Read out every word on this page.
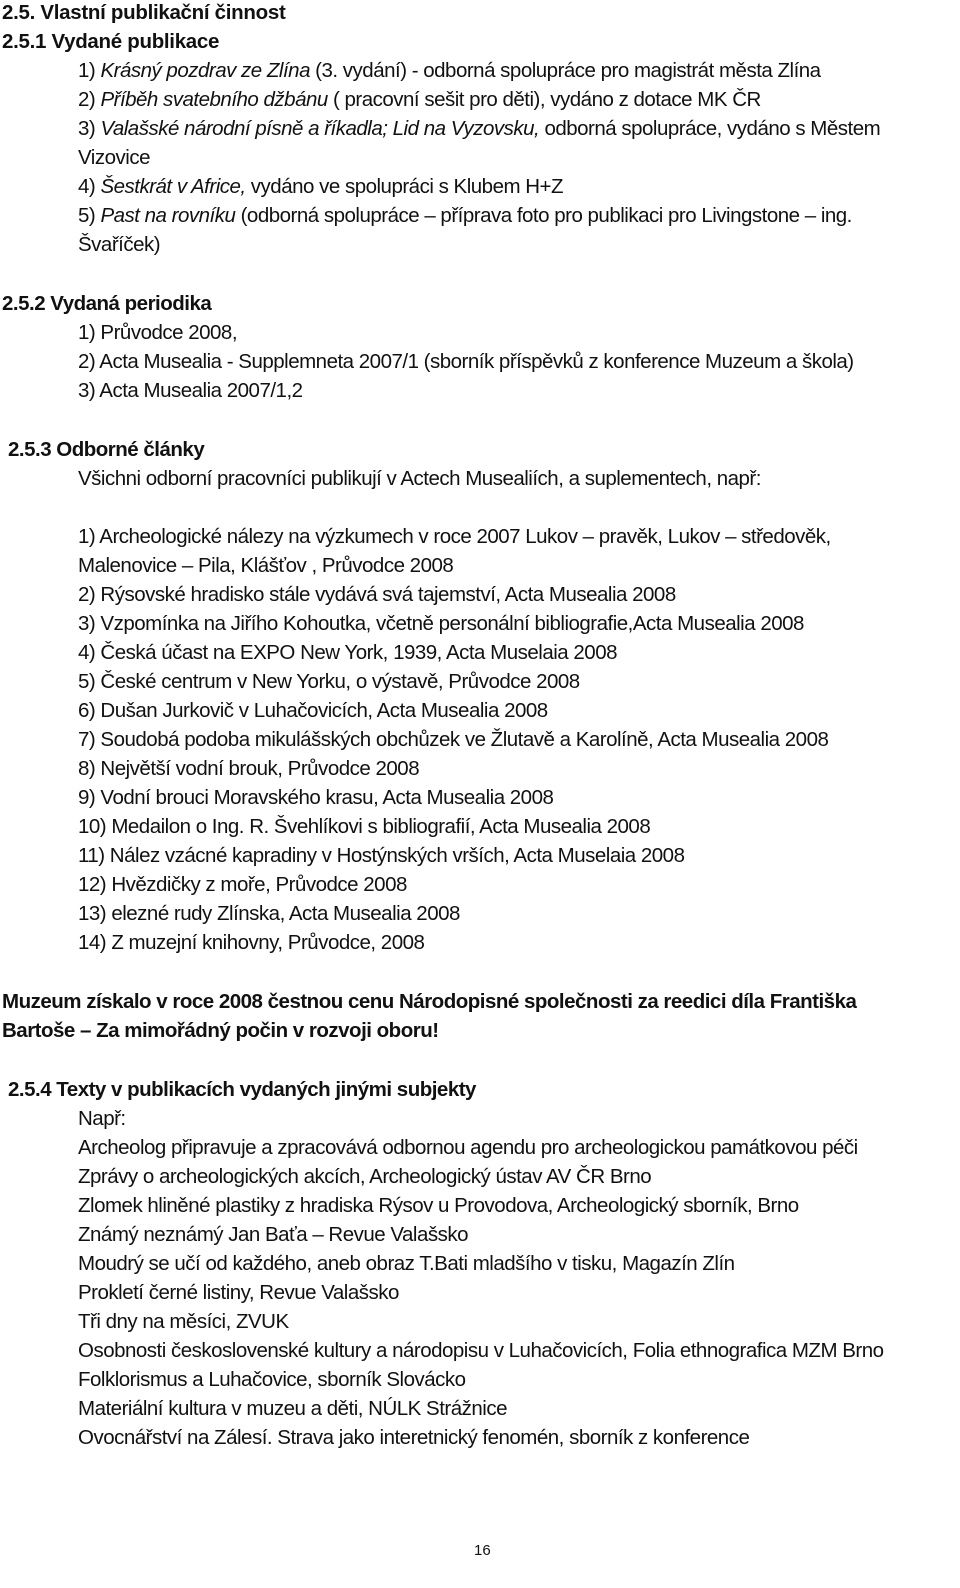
2.5. Vlastní publikační činnost
2.5.1 Vydané publikace
1) Krásný pozdrav ze Zlína (3. vydání) - odborná spolupráce pro magistrát města Zlína
2) Příběh svatebního džbánu ( pracovní sešit pro děti), vydáno z dotace MK ČR
3) Valašské národní písně a říkadla; Lid na Vyzovsku, odborná spolupráce, vydáno s Městem
Vizovice
4) Šestkrát v Africe, vydáno ve spolupráci s Klubem H+Z
5) Past na rovníku (odborná spolupráce – příprava foto pro publikaci pro Livingstone – ing.
Švaříček)
2.5.2 Vydaná periodika
1) Průvodce 2008,
2) Acta Musealia - Supplemneta 2007/1 (sborník příspěvků z konference Muzeum a škola)
3) Acta Musealia 2007/1,2
2.5.3 Odborné články
Všichni odborní pracovníci publikují v Actech Musealiích, a suplementech, např:
1) Archeologické nálezy na výzkumech v roce 2007 Lukov – pravěk, Lukov – středověk,
Malenovice – Pila, Klášťov , Průvodce 2008
2) Rýsovské hradisko stále vydává svá tajemství, Acta Musealia 2008
3) Vzpomínka na Jiřího Kohoutka, včetně personální bibliografie,Acta Musealia 2008
4) Česká účast na EXPO New York, 1939, Acta Muselaia 2008
5) České centrum v New Yorku, o výstavě, Průvodce 2008
6) Dušan Jurkovič v Luhačovicích, Acta Musealia 2008
7) Soudobá podoba mikulášských obchůzek ve Žlutavě a Karolíně, Acta Musealia 2008
8) Největší vodní brouk, Průvodce 2008
9) Vodní brouci Moravského krasu, Acta Musealia 2008
10) Medailon o Ing. R. Švehlíkovi s bibliografií, Acta Musealia 2008
11) Nález vzácné kapradiny v Hostýnských vrších, Acta Muselaia 2008
12) Hvězdičky z moře, Průvodce 2008
13) elezné rudy Zlínska, Acta Musealia 2008
14) Z muzejní knihovny, Průvodce, 2008
Muzeum získalo v roce 2008 čestnou cenu Národopisné společnosti za reedici díla Františka
Bartoše – Za mimořádný počin v rozvoji oboru!
2.5.4 Texty v publikacích vydaných jinými subjekty
Např:
Archeolog připravuje a zpracovává odbornou agendu pro archeologickou památkovou péči
Zprávy o archeologických akcích, Archeologický ústav AV ČR Brno
Zlomek hliněné plastiky z hradiska Rýsov u Provodova, Archeologický sborník, Brno
Známý neznámý Jan Baťa – Revue Valašsko
Moudrý se učí od každého, aneb obraz T.Bati mladšího v tisku, Magazín Zlín
Prokletí černé listiny, Revue Valašsko
Tři dny na měsíci, ZVUK
Osobnosti československé kultury a národopisu v Luhačovicích, Folia ethnografica MZM Brno
Folklorismus a Luhačovice, sborník Slovácko
Materiální kultura v muzeu a děti, NÚLK Strážnice
Ovocnářství na Zálesí. Strava jako interetnický fenomén, sborník z konference
16
